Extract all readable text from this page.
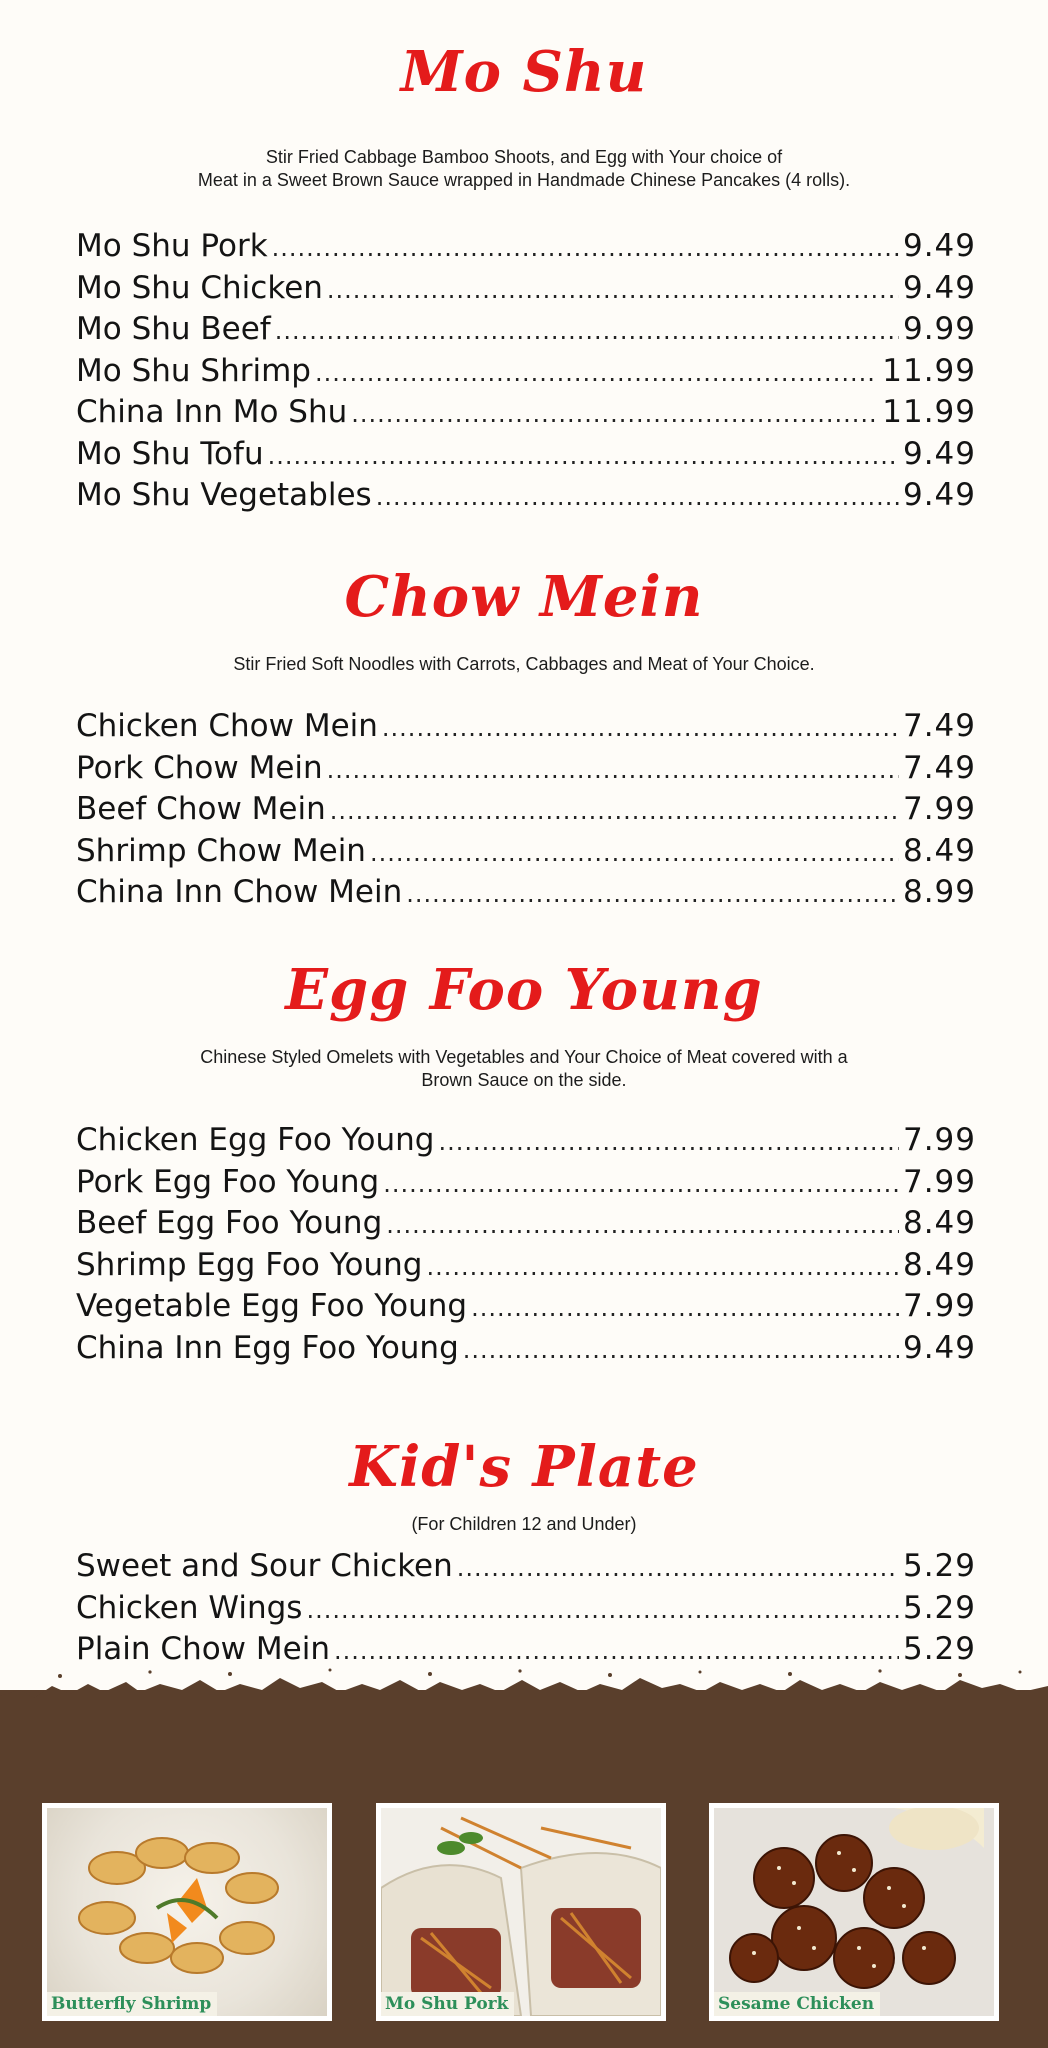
Mo Shu

Stir Fried Cabbage Bamboo Shoots, and Egg with Your choice of

Meat in a Sweet Brown Sauce wrapped in Handmade Chinese Pancakes (4 rolls).

Mo Shu Pork .....	9.49
Mo Shu Chicken .....	9.49
Mo Shu Beef .....	9.99
Mo Shu Shrimp .....	11.99
China Inn Mo Shu .....	11.99
Mo Shu Tofu .....	9.49
Mo Shu Vegetables .....	9.49
Chow Mein

Stir Fried Soft Noodles with Carrots, Cabbages and Meat of Your Choice.

Chicken Chow Mein .....	7.49
Pork Chow Mein .....	7.49
Beef Chow Mein .....	7.99
Shrimp Chow Mein .....	8.49
China Inn Chow Mein .....	8.99
Egg Foo Young

Chinese Styled Omelets with Vegetables and Your Choice of Meat covered with a

Brown Sauce on the side.

Chicken Egg Foo Young .....	7.99
Pork Egg Foo Young .....	7.99
Beef Egg Foo Young .....	8.49
Shrimp Egg Foo Young .....	8.49
Vegetable Egg Foo Young .....	7.99
China Inn Egg Foo Young .....	9.49
Kid's Plate

(For Children 12 and Under)

Sweet and Sour Chicken .....	5.29
Chicken Wings .....	5.29
Plain Chow Mein .....	5.29
Butterfly Shrimp	Mo Shu Pork	Sesame Chicken
